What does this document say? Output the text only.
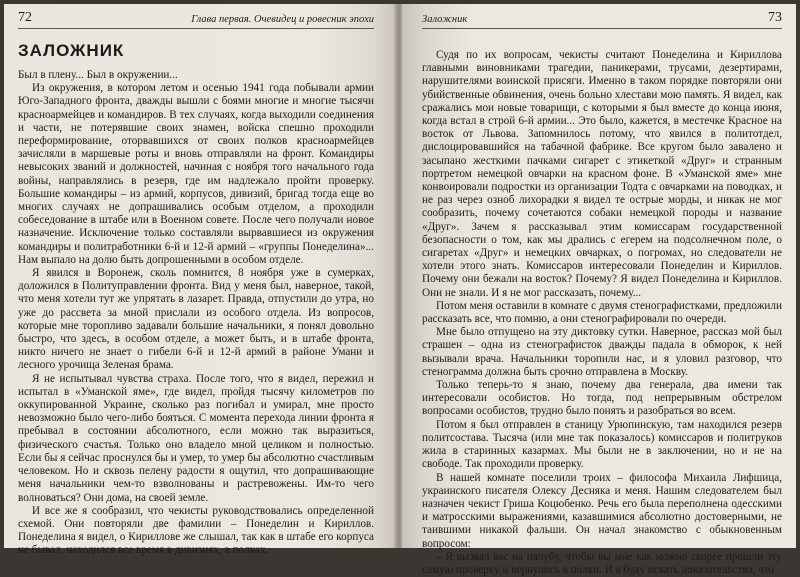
72	Глава первая. Очевидец и ровесник эпохи
ЗАЛОЖНИК

Был в плену... Был в окружении...

Из окружения, в котором летом и осенью 1941 года побывали армии Юго-Западного фронта, дважды вышли с боями многие и многие тысячи красноармейцев и командиров. В тех случаях, когда выходили соединения и части, не потерявшие своих знамен, войска спешно проходили переформирование, оторвавшихся от своих полков красноармейцев зачисляли в маршевые роты и вновь отправляли на фронт. Командиры невысоких званий и должностей, начиная с ноября того начального года войны, направлялись в резерв, где им надлежало пройти проверку. Большие командиры – из армий, корпусов, дивизий, бригад тогда еще во многих случаях не допрашивались особым отделом, а проходили собеседование в штабе или в Военном совете. После чего получали новое назначение. Исключение только составляли вырвавшиеся из окружения командиры и политработники 6-й и 12-й армий – «группы Понеделина»... Нам выпало на долю быть допрошенными в особом отделе.

Я явился в Воронеж, сколь помнится, 8 ноября уже в сумерках, доложился в Политуправлении фронта. Вид у меня был, наверное, такой, что меня хотели тут же упрятать в лазарет. Правда, отпустили до утра, но уже до рассвета за мной прислали из особого отдела. Из вопросов, которые мне торопливо задавали большие начальники, я понял довольно быстро, что здесь, в особом отделе, а может быть, и в штабе фронта, никто ничего не знает о гибели 6-й и 12-й армий в районе Умани и лесного урочища Зеленая брама.

Я не испытывал чувства страха. После того, что я видел, пережил и испытал в «Уманской яме», где видел, пройдя тысячу километров по оккупированной Украине, сколько раз погибал и умирал, мне просто невозможно было чего-либо бояться. С момента перехода линии фронта я пребывал в состоянии абсолютного, если можно так выразиться, физического счастья. Только оно владело мной целиком и полностью. Если бы я сейчас проснулся бы и умер, то умер бы абсолютно счастливым человеком. Но и сквозь пелену радости я ощутил, что допрашивающие меня начальники чем-то взволнованы и растревожены. Им-то чего волноваться? Они дома, на своей земле.

И все же я сообразил, что чекисты руководствовались определенной схемой. Они повторяли две фамилии – Понеделин и Кириллов. Понеделина я видел, о Кириллове же слышал, так как в штабе его корпуса не бывал, находился все время в дивизиях, в полках.

Заложник	73

Судя по их вопросам, чекисты считают Понеделина и Кириллова главными виновниками трагедии, паникерами, трусами, дезертирами, нарушителями воинской присяги. Именно в таком порядке повторяли они убийственные обвинения, очень больно хлестави мою память. Я видел, как сражались мои новые товарищи, с которыми я был вместе до конца июня, когда встал в строй 6-й армии... Это было, кажется, в местечке Красное на восток от Львова. Запомнилось потому, что явился в политотдел, дислоцировавшийся на табачной фабрике. Все кругом было завалено и засыпано жесткими пачками сигарет с этикеткой «Друг» и странным портретом немецкой овчарки на красном фоне. В «Уманской яме» мне конвоировали подростки из организации Тодта с овчарками на поводках, и не раз через озноб лихорадки я видел те острые морды, и никак не мог сообразить, почему сочетаются собаки немецкой породы и название «Друг». Зачем я рассказывал этим комиссарам государственной безопасности о том, как мы дрались с егерем на подсолнечном поле, о сигаретах «Друг» и немецких овчарках, о погромах, но следователи не хотели этого знать. Комиссаров интересовали Понеделин и Кириллов. Почему они бежали на восток? Почему? Я видел Понеделина и Кириллов. Они не знали. И я не мог рассказать, почему...

Потом меня оставили в комнате с двумя стенографистками, предложили рассказать все, что помню, а они стенографировали по очереди.

Мне было отпущено на эту диктовку сутки. Наверное, рассказ мой был страшен – одна из стенографисток дважды падала в обморок, к ней вызывали врача. Начальники торопили нас, и я уловил разговор, что стенограмма должна быть срочно отправлена в Москву.

Только теперь-то я знаю, почему два генерала, два имени так интересовали особистов. Но тогда, под непрерывным обстрелом вопросами особистов, трудно было понять и разобраться во всем.

Потом я был отправлен в станицу Урюпинскую, там находился резерв политсостава. Тысяча (или мне так показалось) комиссаров и политруков жила в старинных казармах. Мы были не в заключении, но и не на свободе. Так проходили проверку.

В нашей комнате поселили троих – философа Михаила Лифшица, украинского писателя Олексу Десняка и меня. Нашим следователем был назначен чекист Гриша Коцюбенко. Речь его была переполнена одесскими и матросскими выражениями, казавшимися абсолютно достоверными, не таившими никакой фальши. Он начал знакомство с обыкновенным вопросом:

– Я вызвал вас на палубу, чтобы вы мне как можно скорее прошли эту самую проверку и вернулись в полки. И я буду искать доказательства, что
